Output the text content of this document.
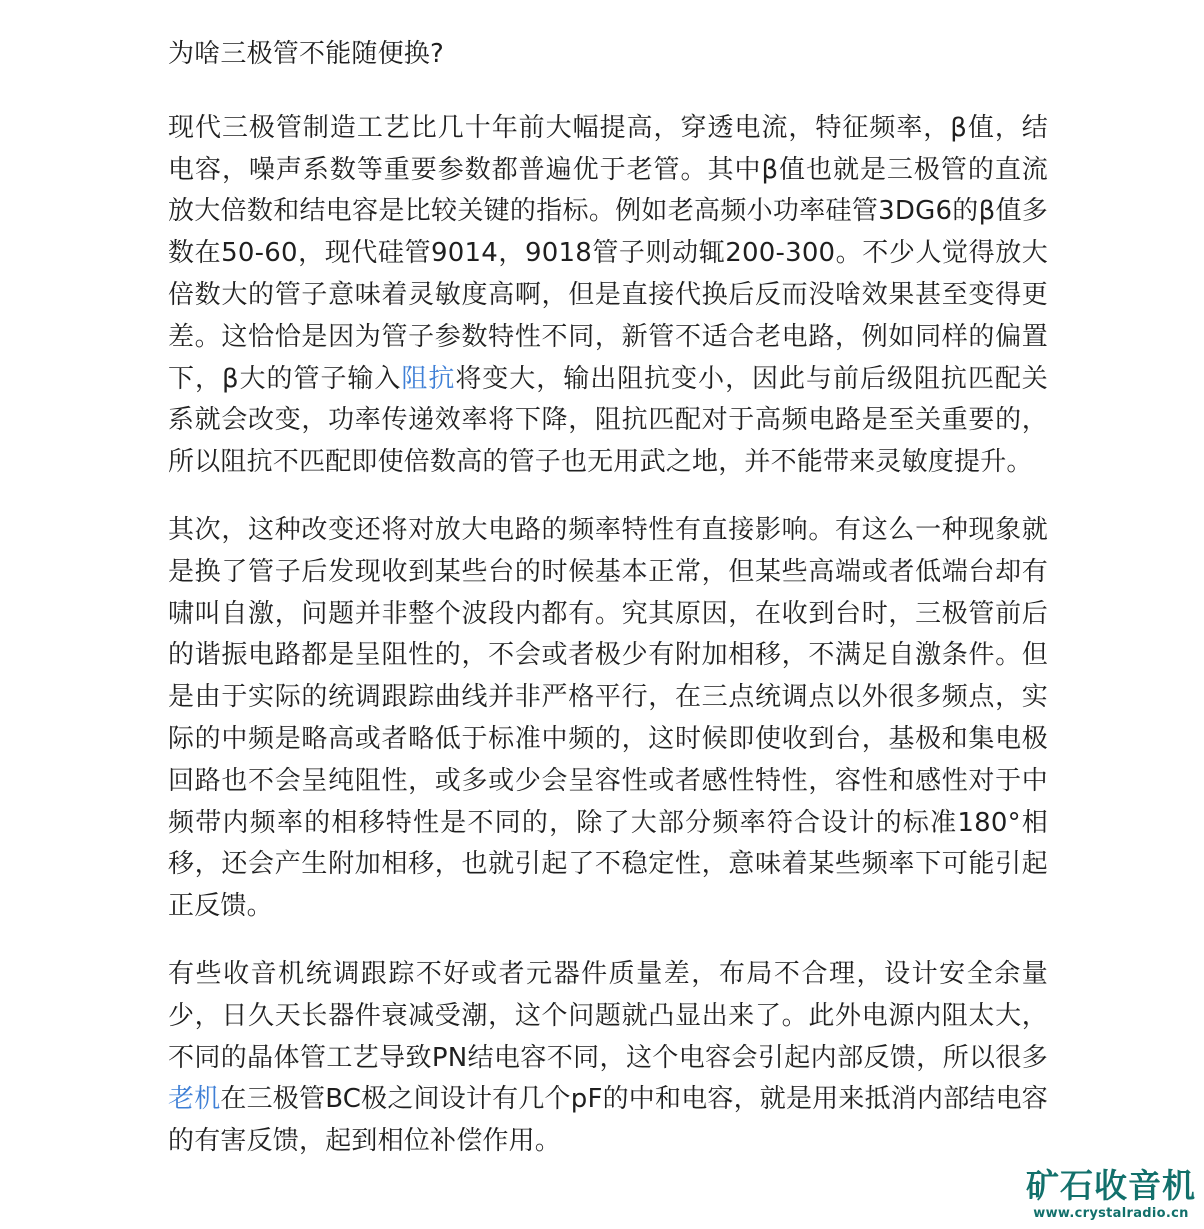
为啥三极管不能随便换?

现代三极管制造工艺比几十年前大幅提高，穿透电流，特征频率，β值，结电容，噪声系数等重要参数都普遍优于老管。其中β值也就是三极管的直流放大倍数和结电容是比较关键的指标。例如老高频小功率硅管3DG6的β值多数在50-60，现代硅管9014，9018管子则动辄200-300。不少人觉得放大倍数大的管子意味着灵敏度高啊，但是直接代换后反而没啥效果甚至变得更差。这恰恰是因为管子参数特性不同，新管不适合老电路，例如同样的偏置下，β大的管子输入阻抗将变大，输出阻抗变小，因此与前后级阻抗匹配关系就会改变，功率传递效率将下降，阻抗匹配对于高频电路是至关重要的，所以阻抗不匹配即使倍数高的管子也无用武之地，并不能带来灵敏度提升。

其次，这种改变还将对放大电路的频率特性有直接影响。有这么一种现象就是换了管子后发现收到某些台的时候基本正常，但某些高端或者低端台却有啸叫自激，问题并非整个波段内都有。究其原因，在收到台时，三极管前后的谐振电路都是呈阻性的，不会或者极少有附加相移，不满足自激条件。但是由于实际的统调跟踪曲线并非严格平行，在三点统调点以外很多频点，实际的中频是略高或者略低于标准中频的，这时候即使收到台，基极和集电极回路也不会呈纯阻性，或多或少会呈容性或者感性特性，容性和感性对于中频带内频率的相移特性是不同的，除了大部分频率符合设计的标准180°相移，还会产生附加相移，也就引起了不稳定性，意味着某些频率下可能引起正反馈。

有些收音机统调跟踪不好或者元器件质量差，布局不合理，设计安全余量少，日久天长器件衰减受潮，这个问题就凸显出来了。此外电源内阻太大，不同的晶体管工艺导致PN结电容不同，这个电容会引起内部反馈，所以很多老机在三极管BC极之间设计有几个pF的中和电容，就是用来抵消内部结电容的有害反馈，起到相位补偿作用。

矿石收音机
www.crystalradio.cn
